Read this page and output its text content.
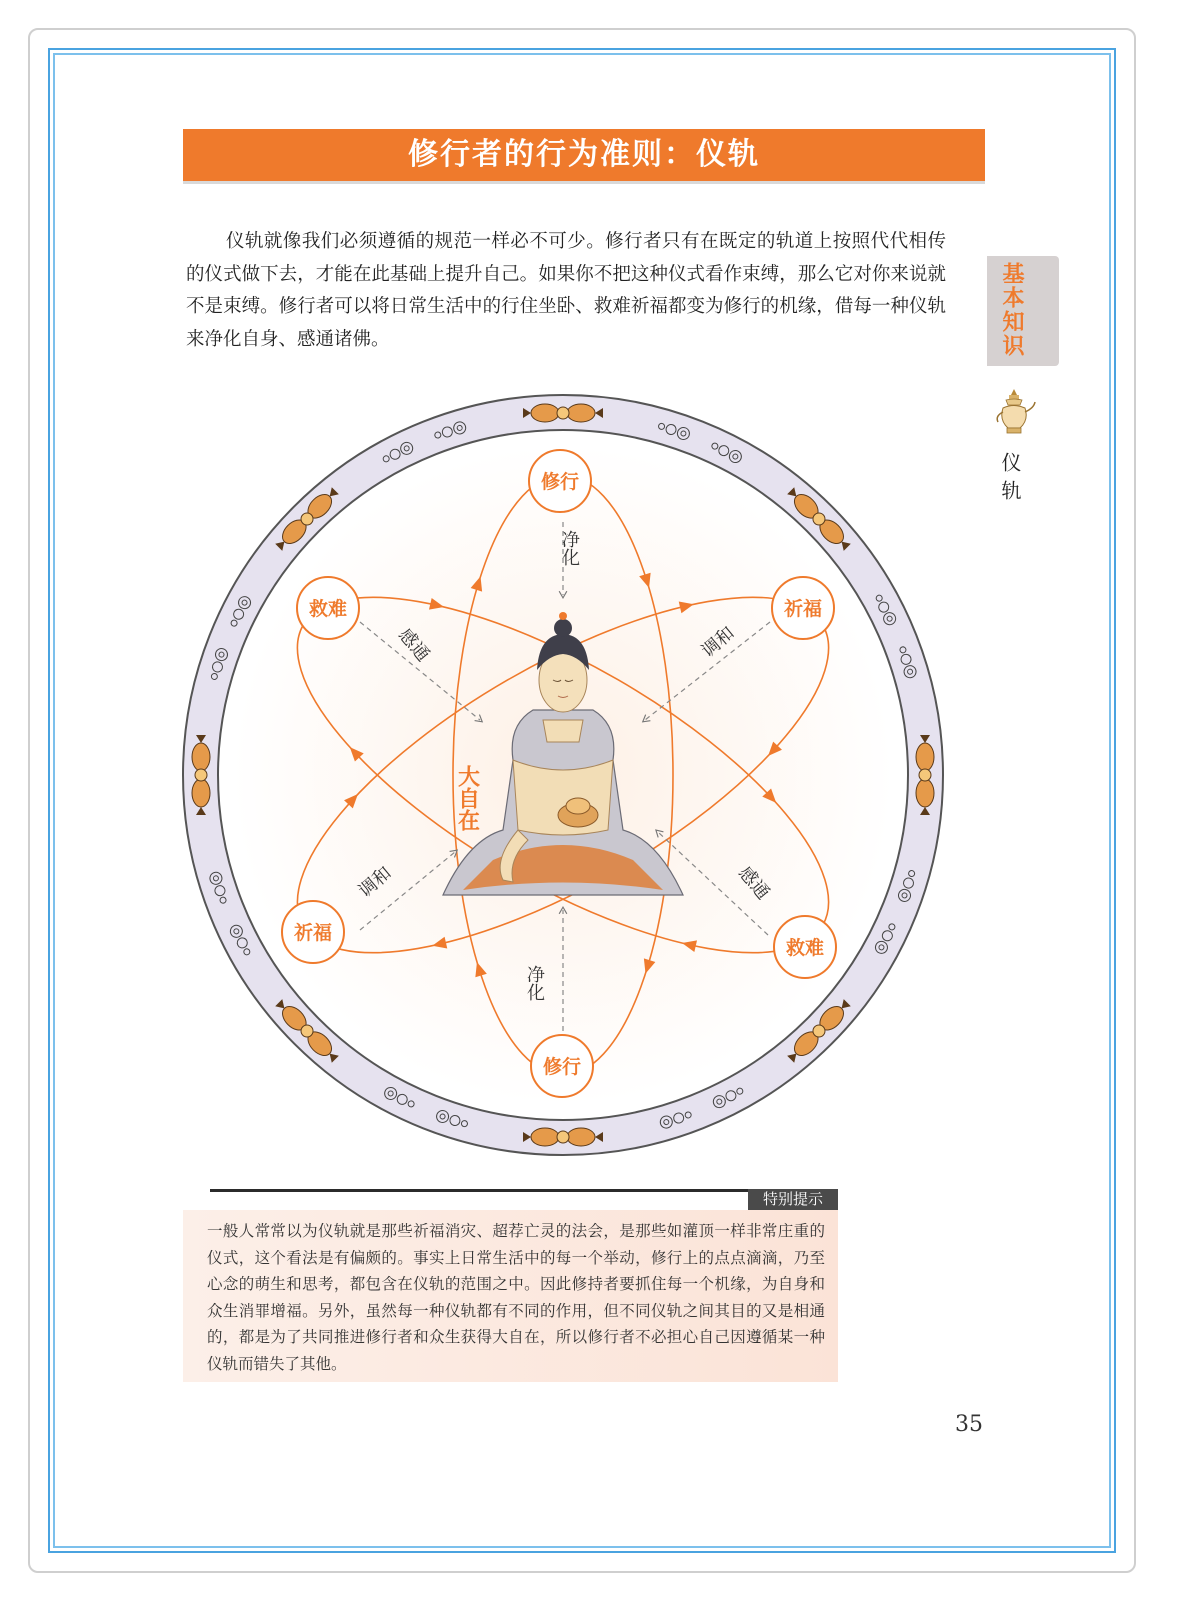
修行者的行为准则：仪轨

仪轨就像我们必须遵循的规范一样必不可少。修行者只有在既定的轨道上按照代代相传的仪式做下去，才能在此基础上提升自己。如果你不把这种仪式看作束缚，那么它对你来说就不是束缚。修行者可以将日常生活中的行住坐卧、救难祈福都变为修行的机缘，借每一种仪轨来净化自身、感通诸佛。	基本知识
仪轨
大自在
净化
净化
感通	调和
调和	感通
修行
救难	祈福
祈福
救难
修行
特别提示

一般人常常以为仪轨就是那些祈福消灾、超荐亡灵的法会，是那些如灌顶一样非常庄重的仪式，这个看法是有偏颇的。事实上日常生活中的每一个举动，修行上的点点滴滴，乃至心念的萌生和思考，都包含在仪轨的范围之中。因此修持者要抓住每一个机缘，为自身和众生消罪增福。另外，虽然每一种仪轨都有不同的作用，但不同仪轨之间其目的又是相通的，都是为了共同推进修行者和众生获得大自在，所以修行者不必担心自己因遵循某一种仪轨而错失了其他。

35
